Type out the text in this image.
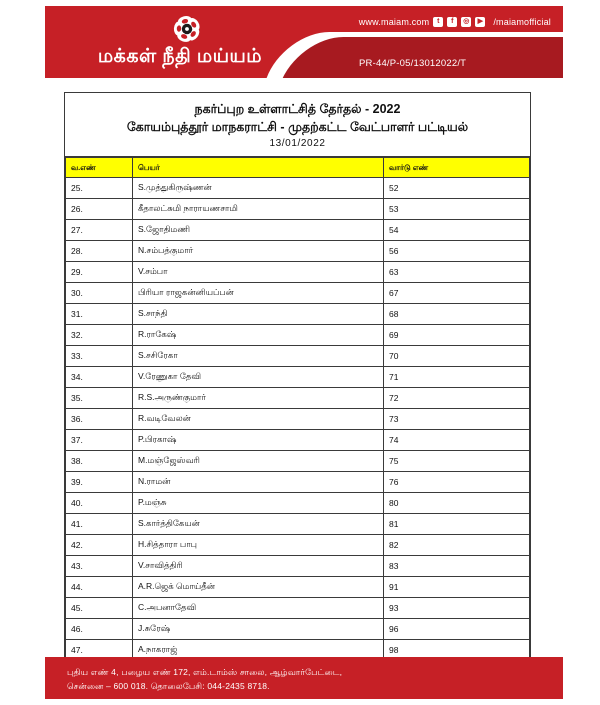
www.maiam.com	t	f	◎	▶ /maiamofficial
PR-44/P-05/13012022/T
மக்கள் நீதி மய்யம்
நகர்ப்புற உள்ளாட்சித் தேர்தல் - 2022
கோயம்புத்தூர் மாநகராட்சி - முதற்கட்ட வேட்பாளர் பட்டியல்
13/01/2022
வ.எண்	பெயர்	வார்டு எண்
25.	S.முத்துகிருஷ்ணன்	52
26.	கீதாலட்சுமி நாராயணசாமி	53
27.	S.ஜோதிமணி	54
28.	N.சம்பத்குமார்	56
29.	V.சம்பா	63
30.	பிரியா ராஜகன்னியப்பன்	67
31.	S.சாந்தி	68
32.	R.ராகேஷ்	69
33.	S.சசிரேகா	70
34.	V.ரேணுகா தேவி	71
35.	R.S.அருண்குமார்	72
36.	R.வடிவேலன்	73
37.	P.பிரகாஷ்	74
38.	M.மஞ்ஜேஸ்வரி	75
39.	N.ராமன்	76
40.	P.மஞ்சு	80
41.	S.கார்த்திகேயன்	81
42.	H.சித்தாரா பாபு	82
43.	V.சாவித்திரி	83
44.	A.R.ஜெக் மொய்தீன்	91
45.	C.அபனாதேவி	93
46.	J.சுரேஷ்	96
47.	A.நாகராஜ்	98
புதிய எண் 4, பழைய எண் 172, எம்.டாம்ஸ் சாலை, ஆழ்வார்பேட்டை,
சென்னை – 600 018. தொலைபேசி: 044-2435 8718.
